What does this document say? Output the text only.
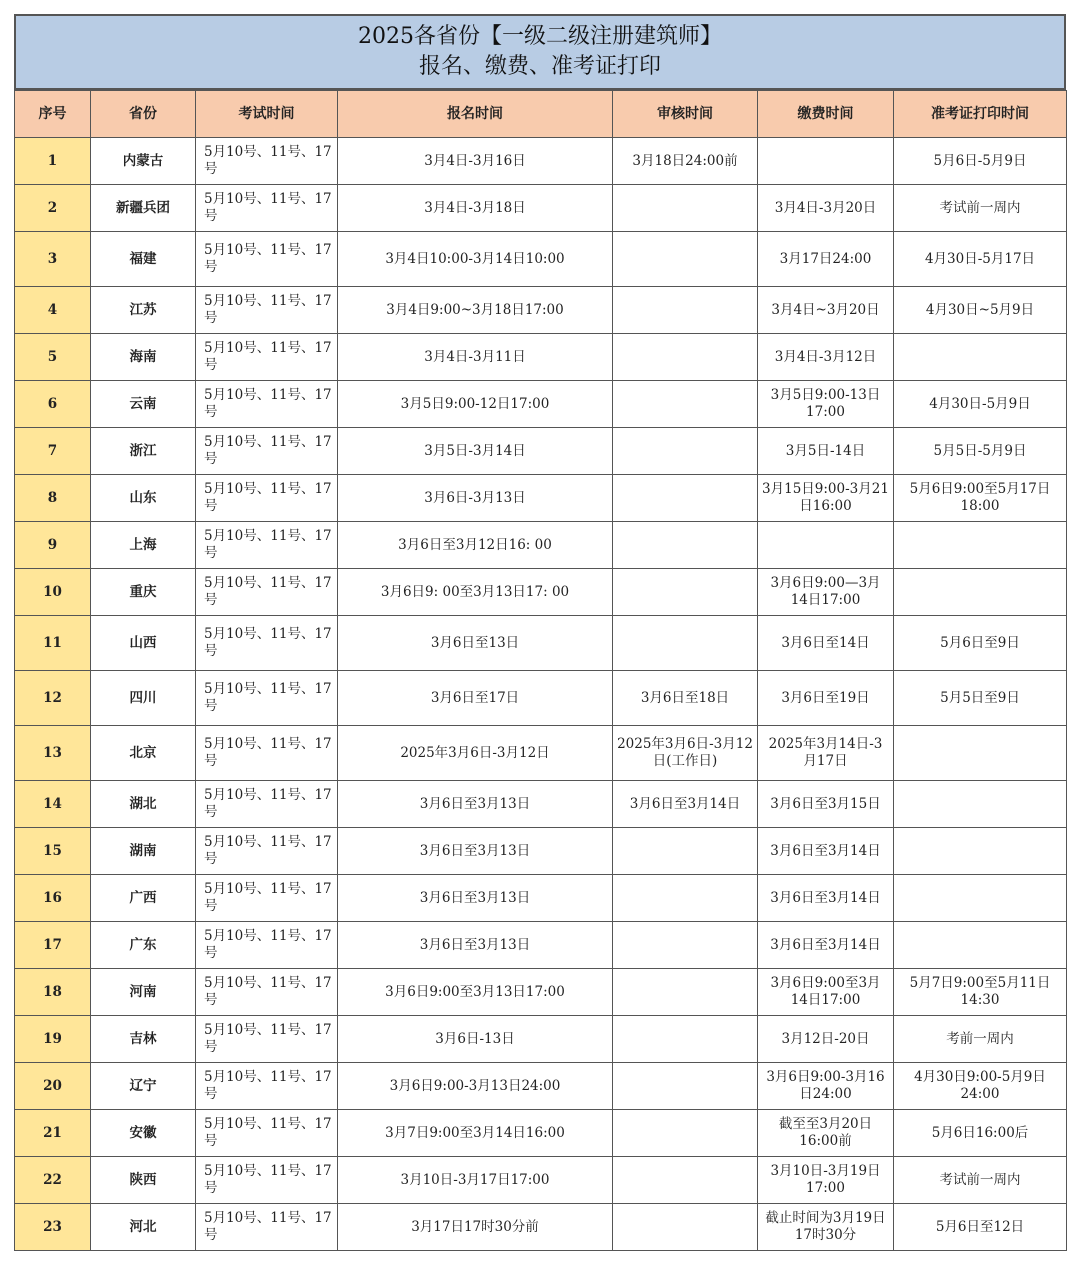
2025各省份【一级二级注册建筑师】
报名、缴费、准考证打印
序号	省份	考试时间	报名时间	审核时间	缴费时间	准考证打印时间
1	内蒙古	5月10号、11号、17号	3月4日-3月16日	3月18日24:00前		5月6日-5月9日
2	新疆兵团	5月10号、11号、17号	3月4日-3月18日		3月4日-3月20日	考试前一周内
3	福建	5月10号、11号、17号	3月4日10:00-3月14日10:00		3月17日24:00	4月30日-5月17日
4	江苏	5月10号、11号、17号	3月4日9:00~3月18日17:00		3月4日~3月20日	4月30日~5月9日
5	海南	5月10号、11号、17号	3月4日-3月11日		3月4日-3月12日	
6	云南	5月10号、11号、17号	3月5日9:00-12日17:00		3月5日9:00-13日17:00	4月30日-5月9日
7	浙江	5月10号、11号、17号	3月5日-3月14日		3月5日-14日	5月5日-5月9日
8	山东	5月10号、11号、17号	3月6日-3月13日		3月15日9:00-3月21日16:00	5月6日9:00至5月17日18:00
9	上海	5月10号、11号、17号	3月6日至3月12日16: 00			
10	重庆	5月10号、11号、17号	3月6日9: 00至3月13日17: 00		3月6日9:00—3月14日17:00	
11	山西	5月10号、11号、17号	3月6日至13日		3月6日至14日	5月6日至9日
12	四川	5月10号、11号、17号	3月6日至17日	3月6日至18日	3月6日至19日	5月5日至9日
13	北京	5月10号、11号、17号	2025年3月6日-3月12日	2025年3月6日-3月12日(工作日)	2025年3月14日-3月17日	
14	湖北	5月10号、11号、17号	3月6日至3月13日	3月6日至3月14日	3月6日至3月15日	
15	湖南	5月10号、11号、17号	3月6日至3月13日		3月6日至3月14日	
16	广西	5月10号、11号、17号	3月6日至3月13日		3月6日至3月14日	
17	广东	5月10号、11号、17号	3月6日至3月13日		3月6日至3月14日	
18	河南	5月10号、11号、17号	3月6日9:00至3月13日17:00		3月6日9:00至3月14日17:00	5月7日9:00至5月11日14:30
19	吉林	5月10号、11号、17号	3月6日-13日		3月12日-20日	考前一周内
20	辽宁	5月10号、11号、17号	3月6日9:00-3月13日24:00		3月6日9:00-3月16日24:00	4月30日9:00-5月9日24:00
21	安徽	5月10号、11号、17号	3月7日9:00至3月14日16:00		截至至3月20日16:00前	5月6日16:00后
22	陕西	5月10号、11号、17号	3月10日-3月17日17:00		3月10日-3月19日17:00	考试前一周内
23	河北	5月10号、11号、17号	3月17日17时30分前		截止时间为3月19日17时30分	5月6日至12日
